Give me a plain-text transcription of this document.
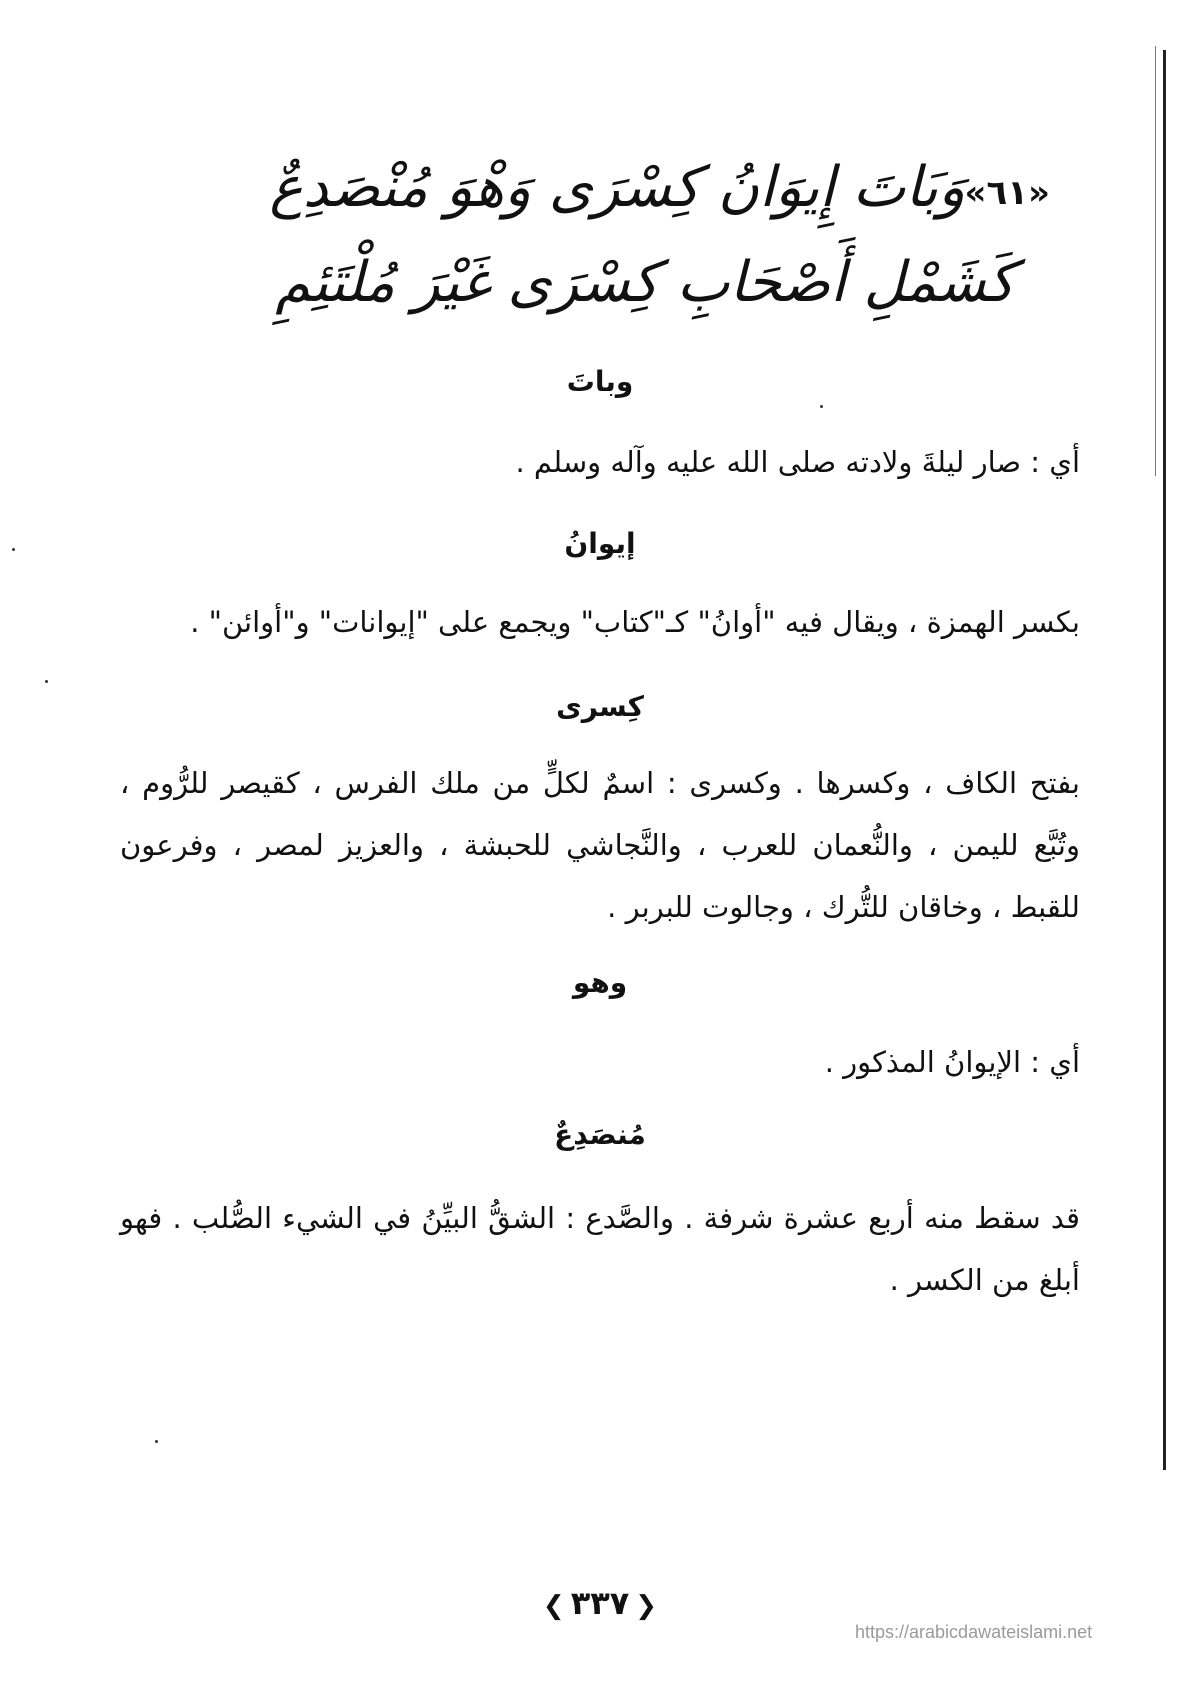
«٦١»
وَبَاتَ إِيوَانُ كِسْرَى وَهْوَ مُنْصَدِعٌ
كَشَمْلِ أَصْحَابِ كِسْرَى غَيْرَ مُلْتَئِمِ
وباتَ
أي : صار ليلةَ ولادته صلى الله عليه وآله وسلم .
إيوانُ
بكسر الهمزة ، ويقال فيه "أوانُ" كـ"كتاب" ويجمع على "إيوانات" و"أوائن" .
كِسرى
بفتح الكاف ، وكسرها . وكسرى : اسمٌ لكلٍّ من ملك الفرس ، كقيصر للرُّوم ، وتُبَّع لليمن ، والنُّعمان للعرب ، والنَّجاشي للحبشة ، والعزيز لمصر ، وفرعون للقبط ، وخاقان للتُّرك ، وجالوت للبربر .
وهو
أي : الإيوانُ المذكور .
مُنصَدِعٌ
قد سقط منه أربع عشرة شرفة . والصَّدع : الشقُّ البيِّنُ في الشيء الصُّلب . فهو أبلغ من الكسر .
❮ ٣٣٧ ❯
https://arabicdawateislami.net
